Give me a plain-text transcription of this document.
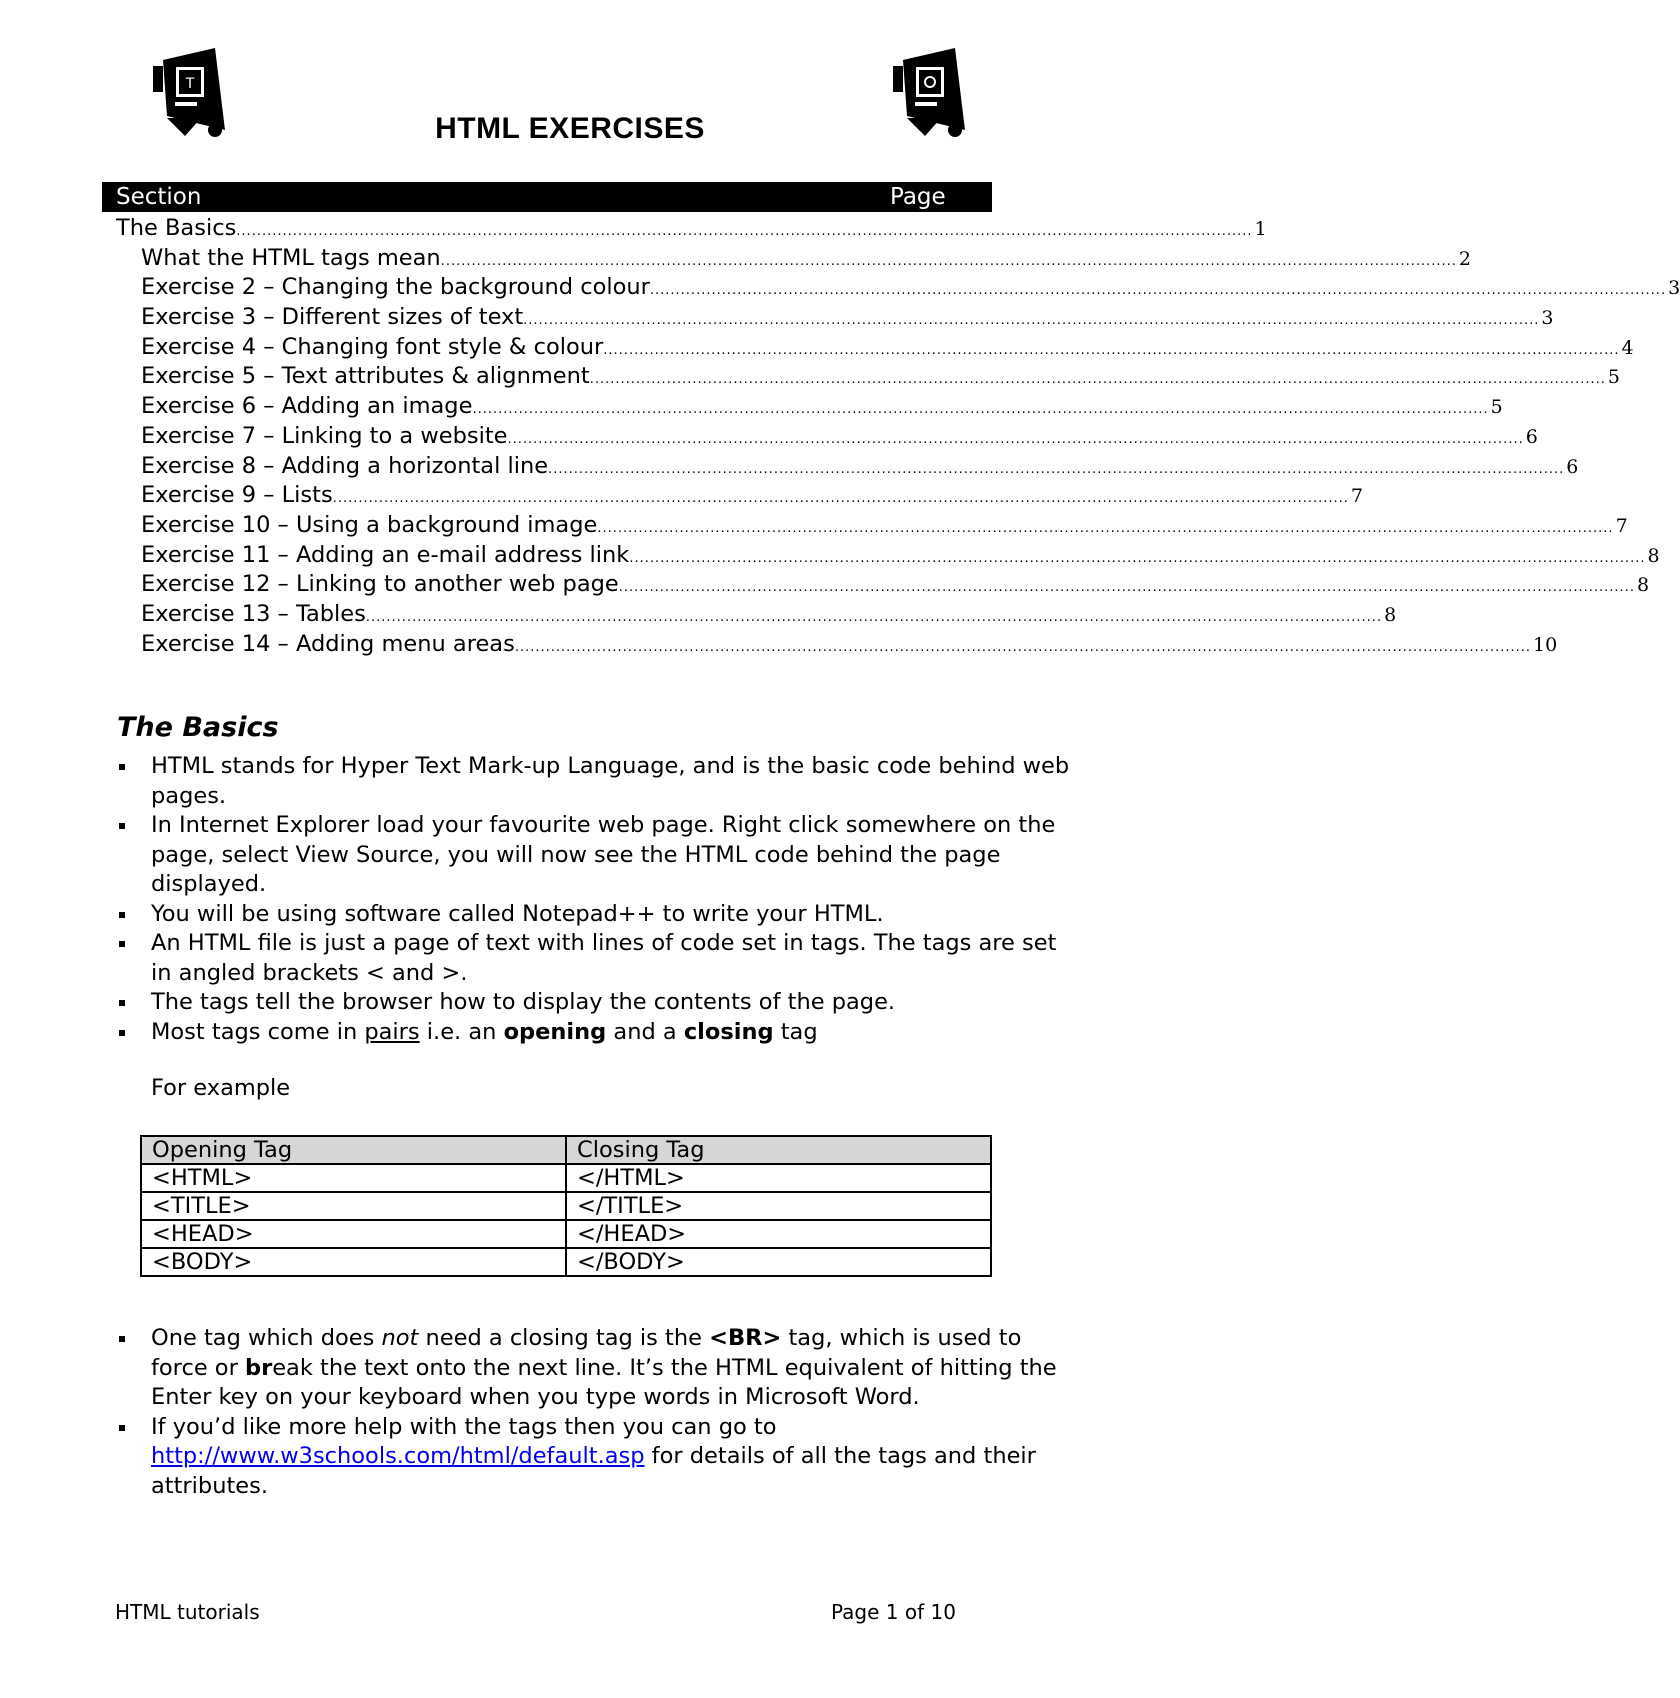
T
HTML EXERCISES
Section	Page
The Basics ...................................................................................................................................................................................................... 1
What the HTML tags mean ...................................................................................................................................................................................................... 2
Exercise 2 – Changing the background colour ...................................................................................................................................................................................................... 3
Exercise 3 – Different sizes of text ...................................................................................................................................................................................................... 3
Exercise 4 – Changing font style & colour ...................................................................................................................................................................................................... 4
Exercise 5 – Text attributes & alignment ...................................................................................................................................................................................................... 5
Exercise 6 – Adding an image ...................................................................................................................................................................................................... 5
Exercise 7 – Linking to a website ...................................................................................................................................................................................................... 6
Exercise 8 – Adding a horizontal line ...................................................................................................................................................................................................... 6
Exercise 9 – Lists ...................................................................................................................................................................................................... 7
Exercise 10 – Using a background image ...................................................................................................................................................................................................... 7
Exercise 11 – Adding an e-mail address link ...................................................................................................................................................................................................... 8
Exercise 12 – Linking to another web page ...................................................................................................................................................................................................... 8
Exercise 13 – Tables ...................................................................................................................................................................................................... 8
Exercise 14 – Adding menu areas ...................................................................................................................................................................................................... 10
The Basics
HTML stands for Hyper Text Mark-up Language, and is the basic code behind web pages.
In Internet Explorer load your favourite web page. Right click somewhere on the page, select View Source, you will now see the HTML code behind the page displayed.
You will be using software called Notepad++ to write your HTML.
An HTML file is just a page of text with lines of code set in tags. The tags are set in angled brackets < and >.
The tags tell the browser how to display the contents of the page.
Most tags come in pairs i.e. an opening and a closing tag
For example
Opening Tag	Closing Tag
<HTML>	</HTML>
<TITLE>	</TITLE>
<HEAD>	</HEAD>
<BODY>	</BODY>
One tag which does not need a closing tag is the <BR> tag, which is used to force or break the text onto the next line. It’s the HTML equivalent of hitting the Enter key on your keyboard when you type words in Microsoft Word.
If you’d like more help with the tags then you can go to http://www.w3schools.com/html/default.asp for details of all the tags and their attributes.
HTML tutorials	Page 1 of 10
